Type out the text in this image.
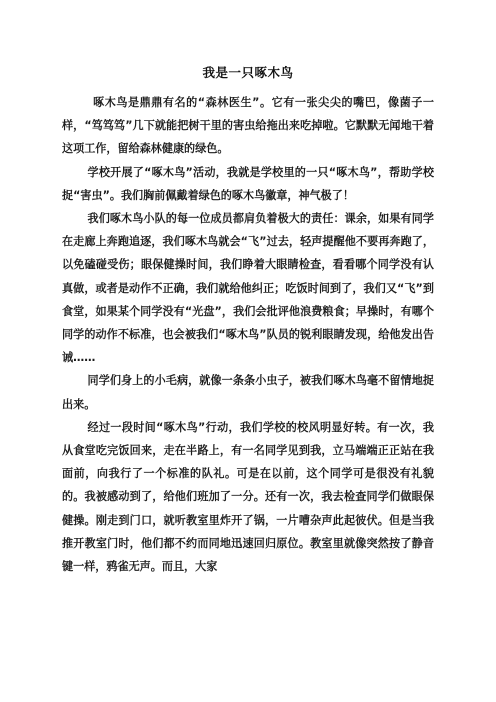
我是一只啄木鸟

啄木鸟是鼎鼎有名的“森林医生”。它有一张尖尖的嘴巴，像菌子一样，“笃笃笃”几下就能把树干里的害虫给拖出来吃掉啦。它默默无闻地干着这项工作，留给森林健康的绿色。

学校开展了“啄木鸟”活动，我就是学校里的一只“啄木鸟”，帮助学校捉“害虫”。我们胸前佩戴着绿色的啄木鸟徽章，神气极了！

我们啄木鸟小队的每一位成员都肩负着极大的责任：课余，如果有同学在走廊上奔跑追逐，我们啄木鸟就会“飞”过去，轻声提醒他不要再奔跑了，以免磕碰受伤；眼保健操时间，我们睁着大眼睛检查，看看哪个同学没有认真做，或者是动作不正确，我们就给他纠正；吃饭时间到了，我们又“飞”到食堂，如果某个同学没有“光盘”，我们会批评他浪费粮食；早操时，有哪个同学的动作不标准，也会被我们“啄木鸟”队员的锐利眼睛发现，给他发出告诫……

同学们身上的小毛病，就像一条条小虫子，被我们啄木鸟毫不留情地捉出来。

经过一段时间“啄木鸟”行动，我们学校的校风明显好转。有一次，我从食堂吃完饭回来，走在半路上，有一名同学见到我，立马端端正正站在我面前，向我行了一个标准的队礼。可是在以前，这个同学可是很没有礼貌的。我被感动到了，给他们班加了一分。还有一次，我去检查同学们做眼保健操。刚走到门口，就听教室里炸开了锅，一片嘈杂声此起彼伏。但是当我推开教室门时，他们都不约而同地迅速回归原位。教室里就像突然按了静音键一样，鸦雀无声。而且，大家
